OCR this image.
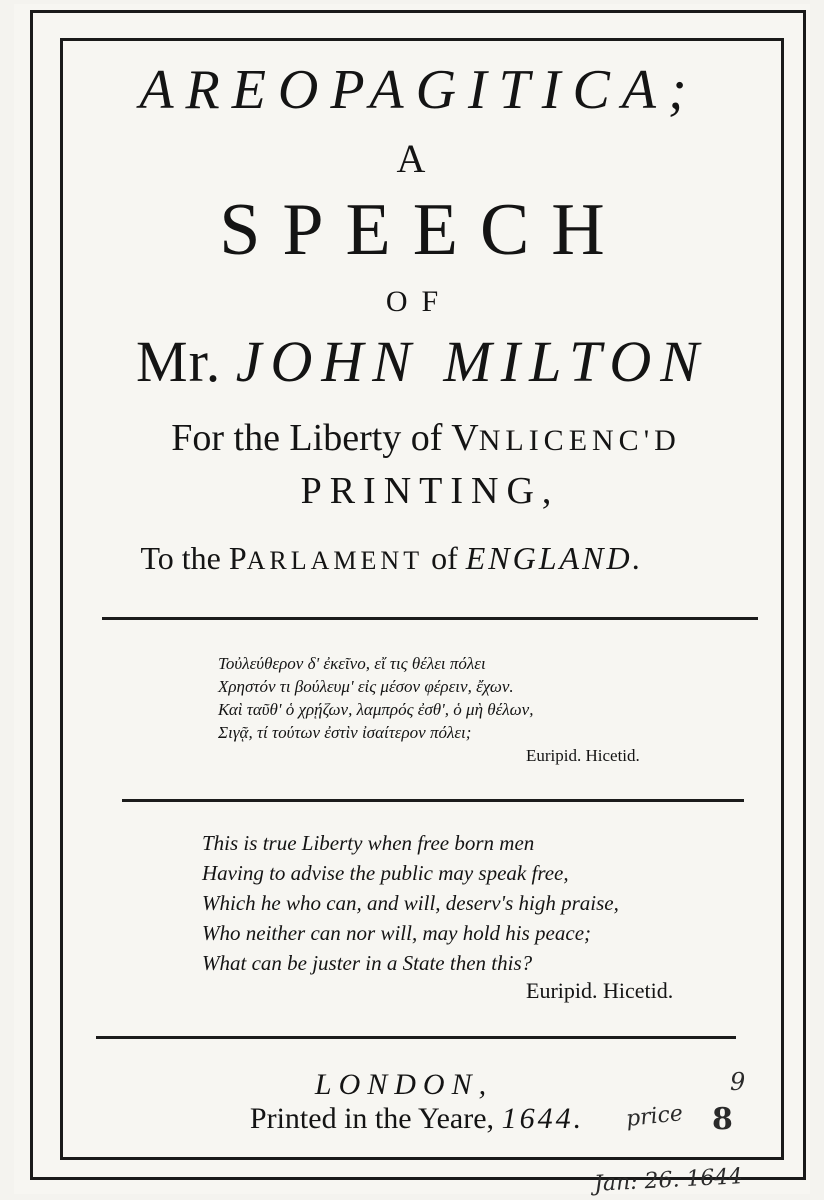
AREOPAGITICA;
A
SPEECH
OF
Mr. JOHN MILTON
For the Liberty of VNLICENC'D
PRINTING,
To the PARLAMENT of ENGLAND.
Τοὐλεύθερον δ' ἐκεῖνο, εἴ τις θέλει πόλει
Χρηστόν τι βούλευμ' εἰς μέσον φέρειν, ἔχων.
Καὶ ταῦθ' ὁ χρῄζων, λαμπρός ἐσθ', ὁ μὴ θέλων,
Σιγᾷ, τί τούτων ἐστὶν ἰσαίτερον πόλει;
Euripid. Hicetid.
This is true Liberty when free born men
Having to advise the public may speak free,
Which he who can, and will, deserv's high praise,
Who neither can nor will, may hold his peace;
What can be juster in a State then this?
Euripid. Hicetid.
LONDON,
Printed in the Yeare, 1644.	price 8
9
Jan: 26. 1644
